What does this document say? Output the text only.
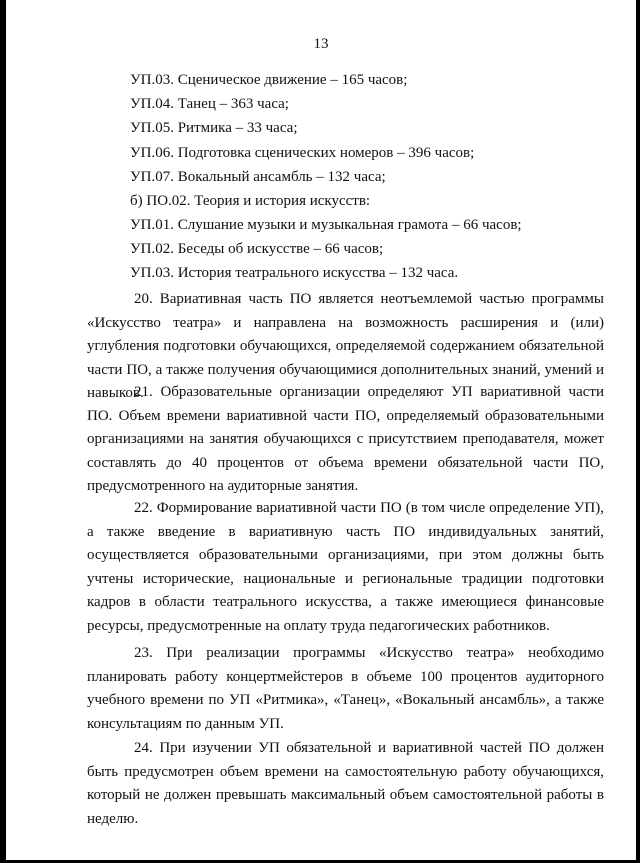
13
УП.03. Сценическое движение – 165 часов;
УП.04. Танец – 363 часа;
УП.05. Ритмика – 33 часа;
УП.06. Подготовка сценических номеров – 396 часов;
УП.07. Вокальный ансамбль – 132 часа;
б) ПО.02. Теория и история искусств:
УП.01. Слушание музыки и музыкальная грамота – 66 часов;
УП.02. Беседы об искусстве – 66 часов;
УП.03. История театрального искусства – 132 часа.
20. Вариативная часть ПО является неотъемлемой частью программы «Искусство театра» и направлена на возможность расширения и (или) углубления подготовки обучающихся, определяемой содержанием обязательной части ПО, а также получения обучающимися дополнительных знаний, умений и навыков.
21. Образовательные организации определяют УП вариативной части ПО. Объем времени вариативной части ПО, определяемый образовательными организациями на занятия обучающихся с присутствием преподавателя, может составлять до 40 процентов от объема времени обязательной части ПО, предусмотренного на аудиторные занятия.
22. Формирование вариативной части ПО (в том числе определение УП), а также введение в вариативную часть ПО индивидуальных занятий, осуществляется образовательными организациями, при этом должны быть учтены исторические, национальные и региональные традиции подготовки кадров в области театрального искусства, а также имеющиеся финансовые ресурсы, предусмотренные на оплату труда педагогических работников.
23. При реализации программы «Искусство театра» необходимо планировать работу концертмейстеров в объеме 100 процентов аудиторного учебного времени по УП «Ритмика», «Танец», «Вокальный ансамбль», а также консультациям по данным УП.
24. При изучении УП обязательной и вариативной частей ПО должен быть предусмотрен объем времени на самостоятельную работу обучающихся, который не должен превышать максимальный объем самостоятельной работы в неделю.
